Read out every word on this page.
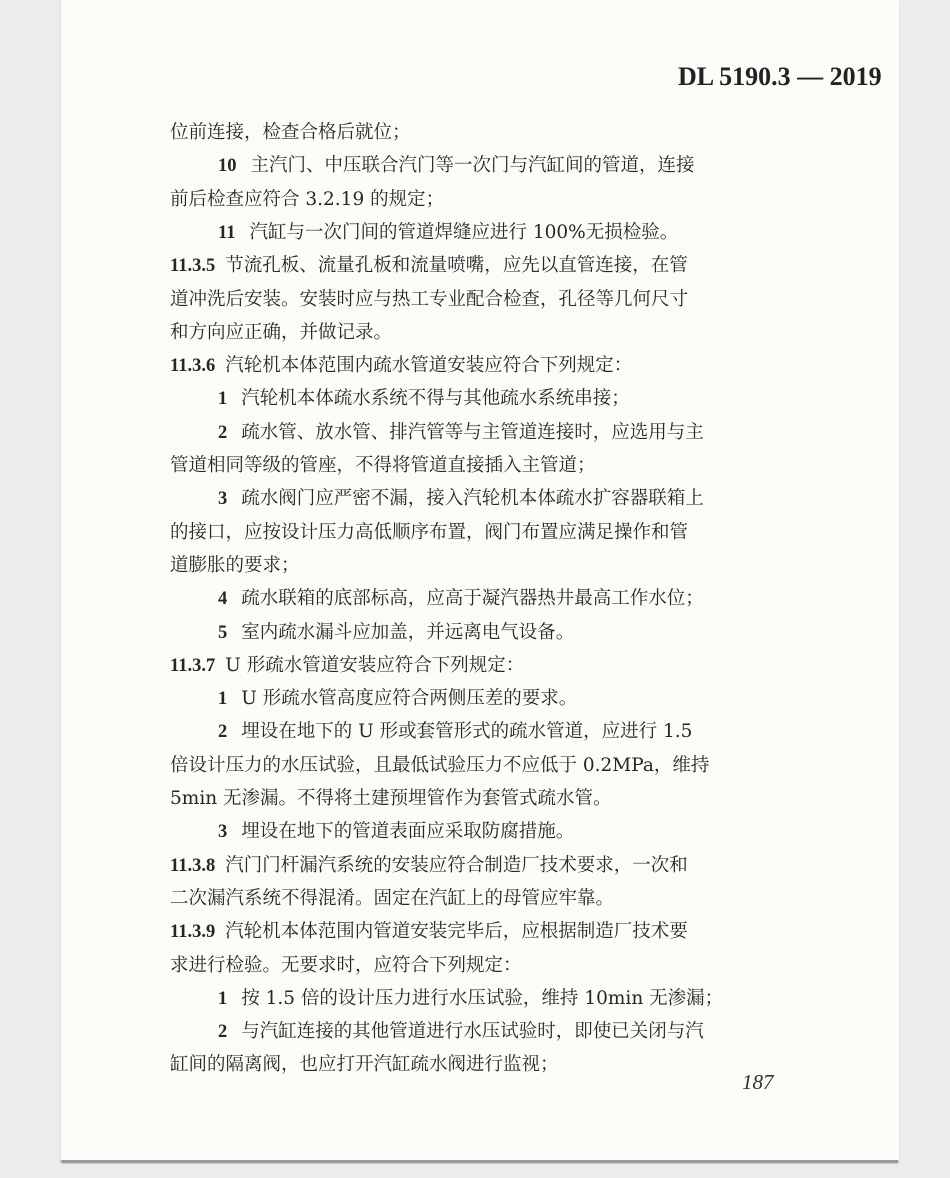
DL 5190.3 — 2019
位前连接，检查合格后就位；
10 主汽门、中压联合汽门等一次门与汽缸间的管道，连接
前后检查应符合 3.2.19 的规定；
11 汽缸与一次门间的管道焊缝应进行 100%无损检验。
11.3.5 节流孔板、流量孔板和流量喷嘴，应先以直管连接，在管
道冲洗后安装。安装时应与热工专业配合检查，孔径等几何尺寸
和方向应正确，并做记录。
11.3.6 汽轮机本体范围内疏水管道安装应符合下列规定：
1 汽轮机本体疏水系统不得与其他疏水系统串接；
2 疏水管、放水管、排汽管等与主管道连接时，应选用与主
管道相同等级的管座，不得将管道直接插入主管道；
3 疏水阀门应严密不漏，接入汽轮机本体疏水扩容器联箱上
的接口，应按设计压力高低顺序布置，阀门布置应满足操作和管
道膨胀的要求；
4 疏水联箱的底部标高，应高于凝汽器热井最高工作水位；
5 室内疏水漏斗应加盖，并远离电气设备。
11.3.7 U 形疏水管道安装应符合下列规定：
1 U 形疏水管高度应符合两侧压差的要求。
2 埋设在地下的 U 形或套管形式的疏水管道，应进行 1.5
倍设计压力的水压试验，且最低试验压力不应低于 0.2MPa，维持
5min 无渗漏。不得将土建预埋管作为套管式疏水管。
3 埋设在地下的管道表面应采取防腐措施。
11.3.8 汽门门杆漏汽系统的安装应符合制造厂技术要求，一次和
二次漏汽系统不得混淆。固定在汽缸上的母管应牢靠。
11.3.9 汽轮机本体范围内管道安装完毕后，应根据制造厂技术要
求进行检验。无要求时，应符合下列规定：
1 按 1.5 倍的设计压力进行水压试验，维持 10min 无渗漏；
2 与汽缸连接的其他管道进行水压试验时，即使已关闭与汽
缸间的隔离阀，也应打开汽缸疏水阀进行监视；
187
